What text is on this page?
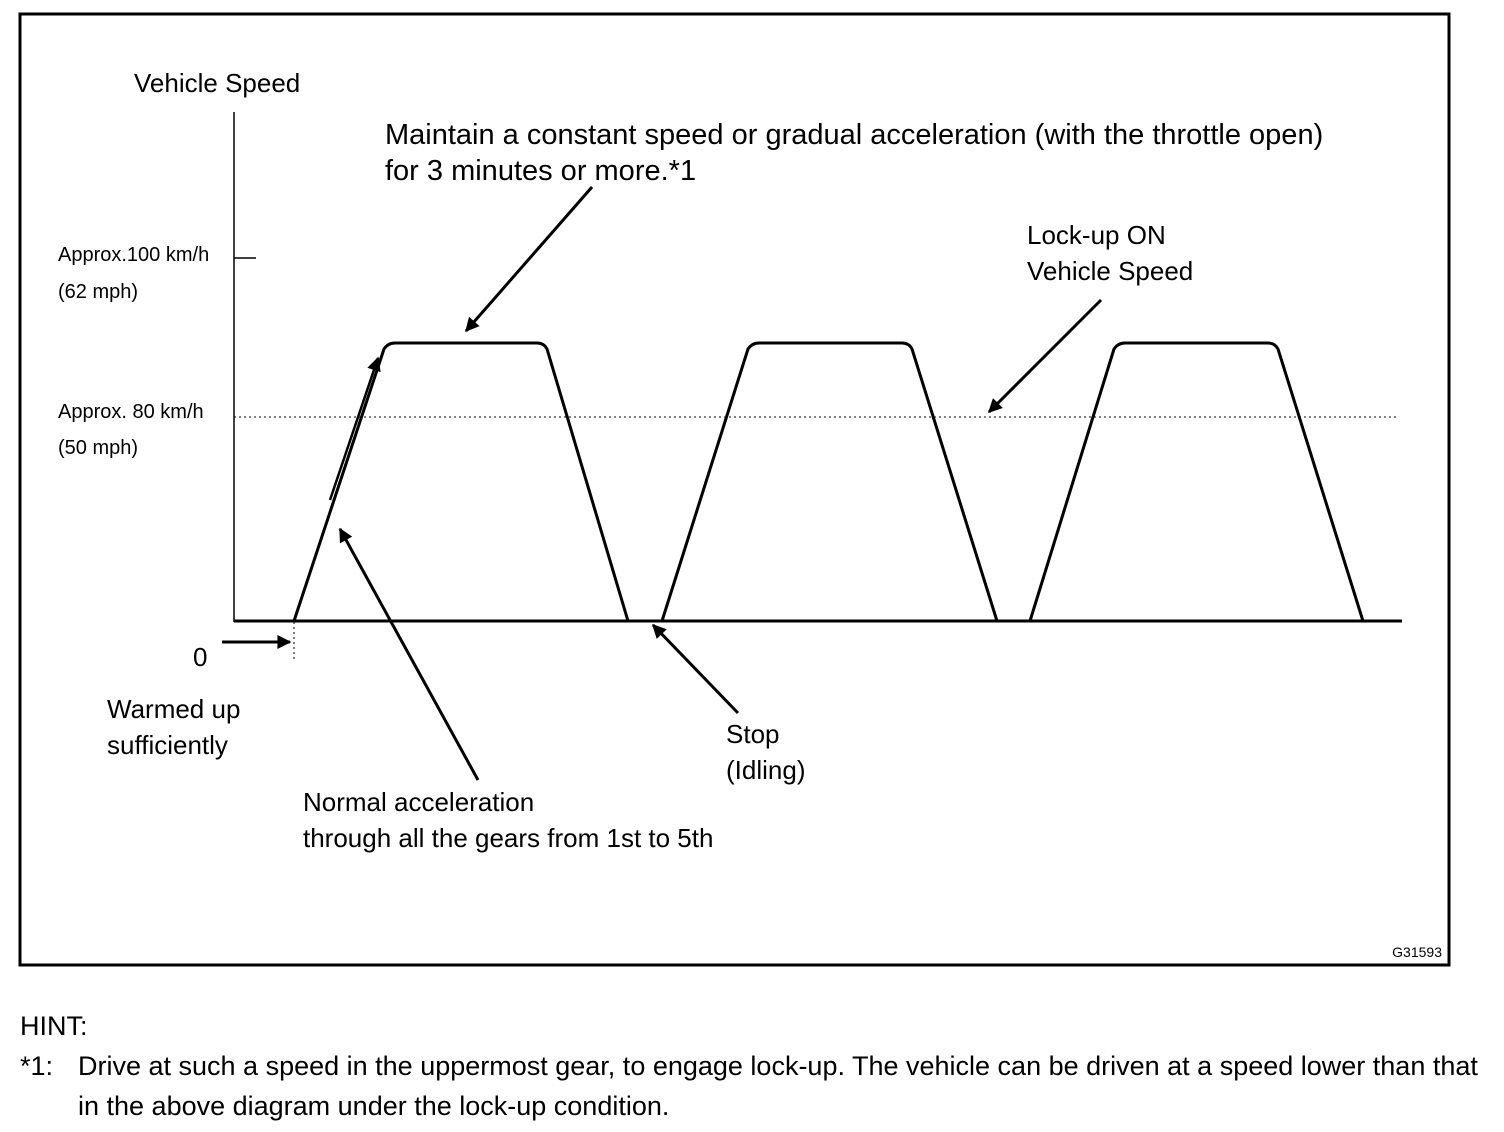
Vehicle Speed
Approx.100 km/h
(62 mph)
Approx. 80 km/h
(50 mph)
0
Maintain a constant speed or gradual acceleration (with the throttle open)
for 3 minutes or more.*1
Lock-up ON
Vehicle Speed
Warmed up
sufficiently
Normal acceleration
through all the gears from 1st to 5th
Stop
(Idling)
G31593
HINT:
*1: Drive at such a speed in the uppermost gear, to engage lock-up. The vehicle can be driven at a speed lower than that in the above diagram under the lock-up condition.
